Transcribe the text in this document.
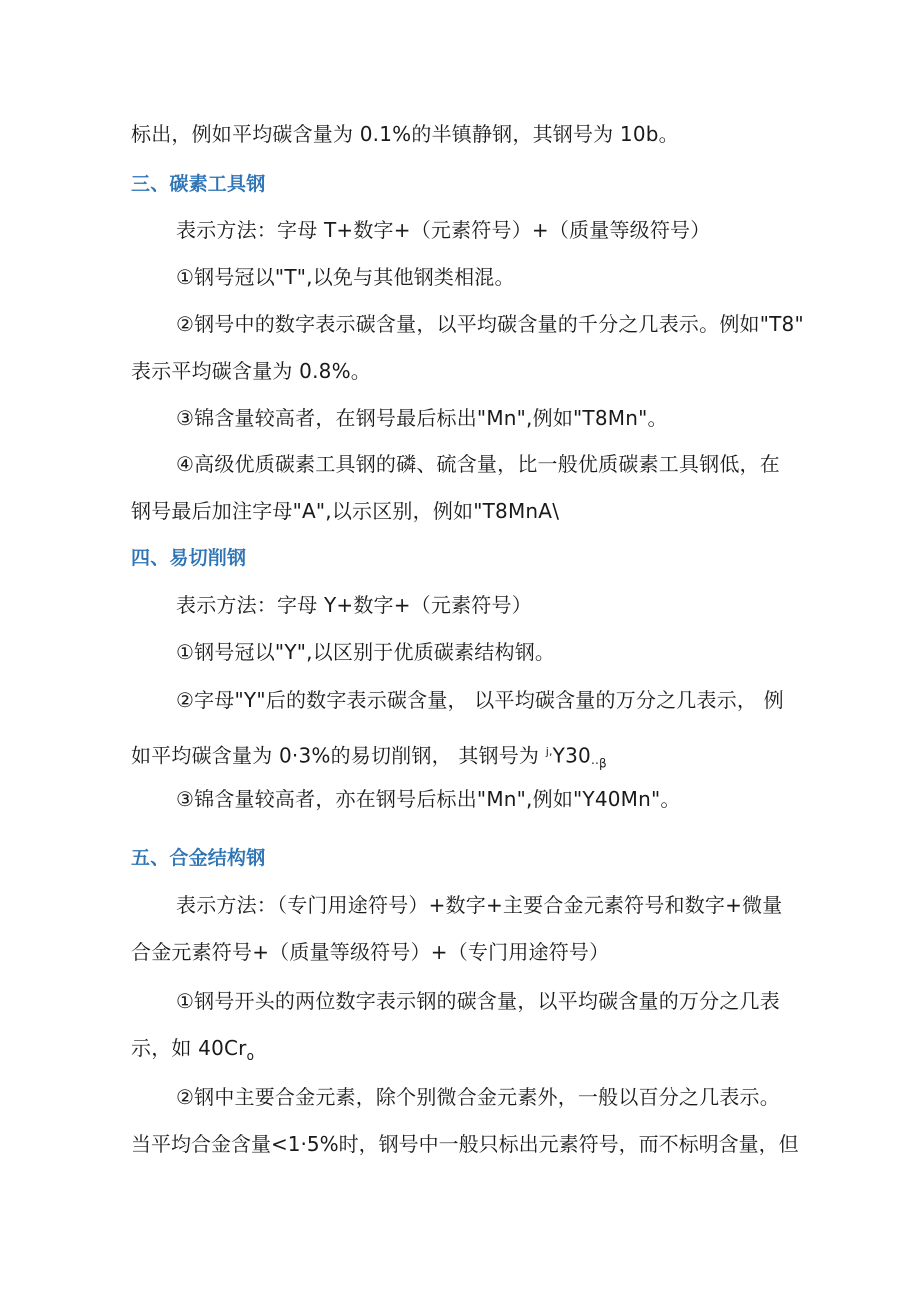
标出，例如平均碳含量为 0.1%的半镇静钢，其钢号为 10b。
三、碳素工具钢
表示方法：字母 T+数字+（元素符号）+（质量等级符号）
①钢号冠以"T",以免与其他钢类相混。
②钢号中的数字表示碳含量，以平均碳含量的千分之几表示。例如"T8"
表示平均碳含量为 0.8%。
③锦含量较高者，在钢号最后标出"Mn",例如"T8Mn"。
④高级优质碳素工具钢的磷、硫含量，比一般优质碳素工具钢低，在
钢号最后加注字母"A",以示区别，例如"T8MnA\
四、易切削钢
表示方法：字母 Y+数字+（元素符号）
①钢号冠以"Y",以区别于优质碳素结构钢。
②字母"Y"后的数字表示碳含量， 以平均碳含量的万分之几表示， 例
如平均碳含量为 0·3%的易切削钢， 其钢号为 $^{j,}Y30_{\cdot\cdot\beta}$
③锦含量较高者，亦在钢号后标出"Mn",例如"Y40Mn"。
五、合金结构钢
表示方法：（专门用途符号）+数字+主要合金元素符号和数字+微量
合金元素符号+（质量等级符号）+（专门用途符号）
①钢号开头的两位数字表示钢的碳含量，以平均碳含量的万分之几表
示，如 $40Cr_o$
②钢中主要合金元素，除个别微合金元素外，一般以百分之几表示。
当平均合金含量<1·5%时，钢号中一般只标出元素符号，而不标明含量，但
